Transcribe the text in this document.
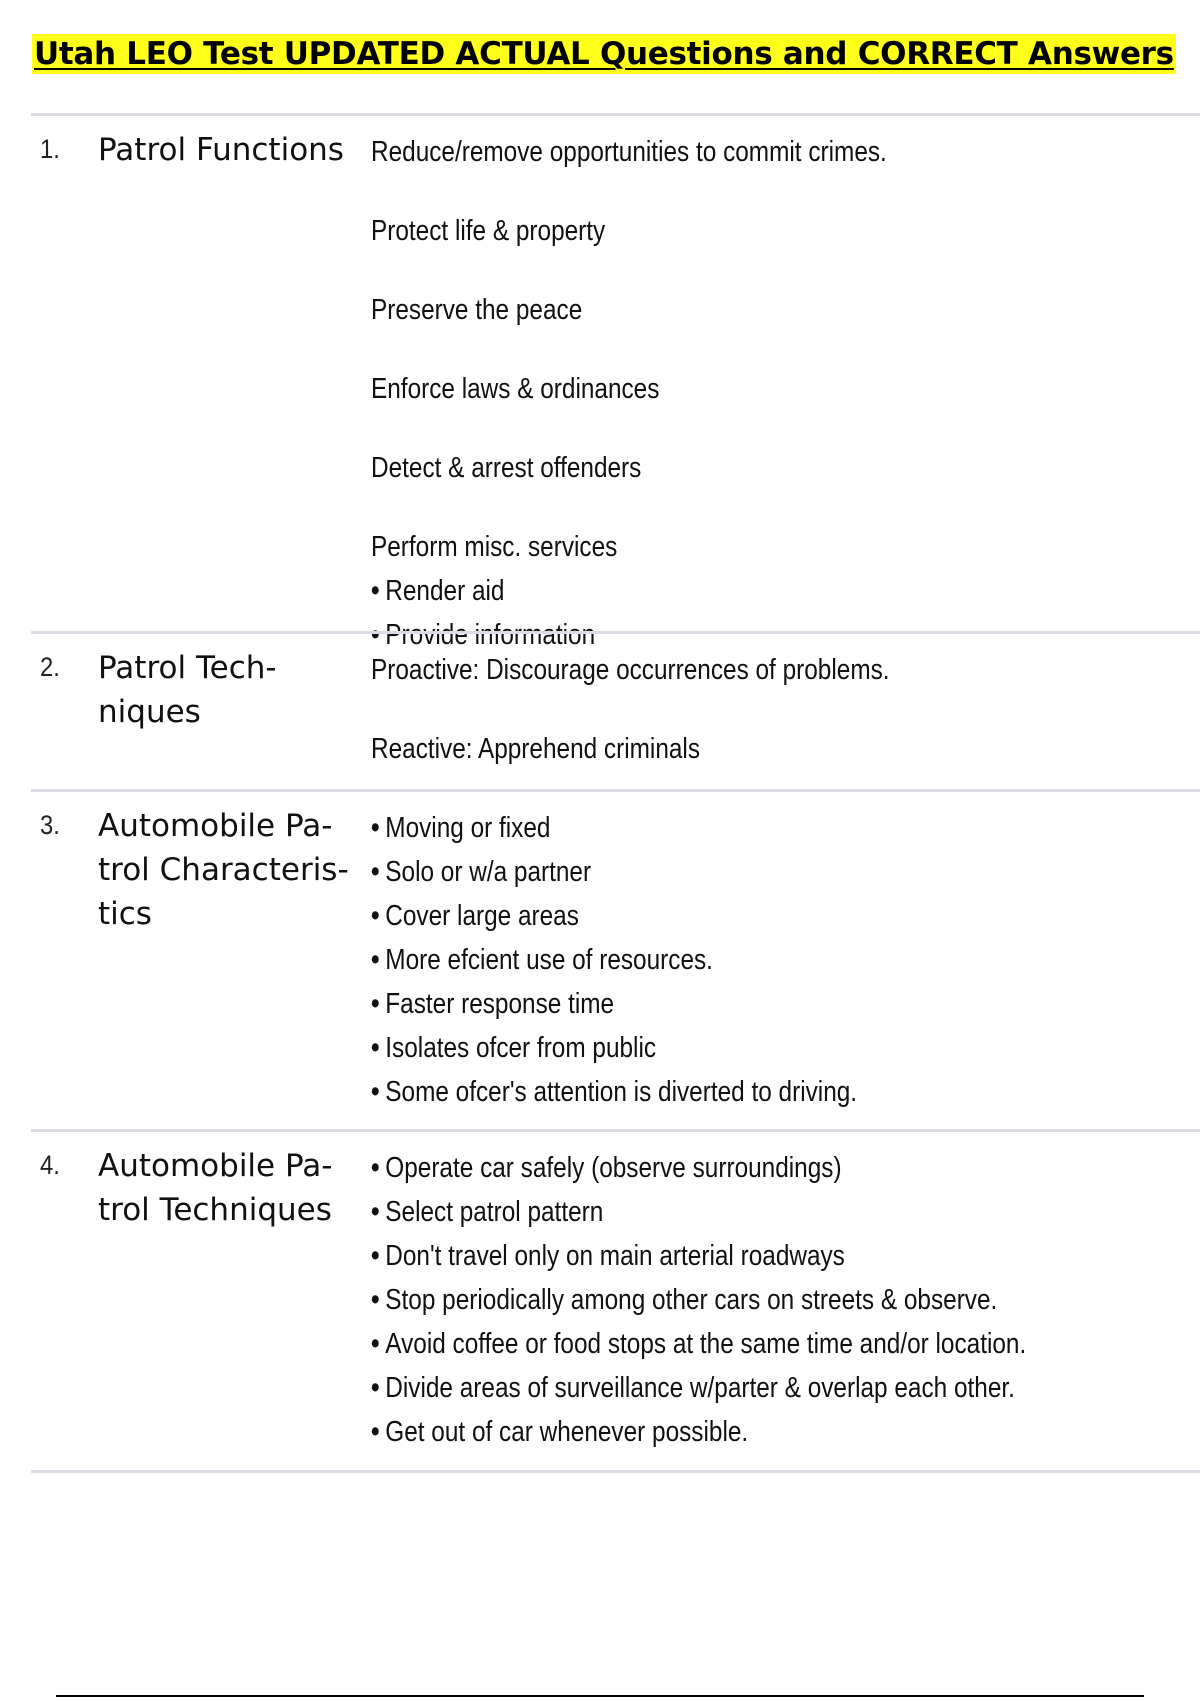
Utah LEO Test UPDATED ACTUAL Questions and CORRECT Answers
1. Patrol Functions Reduce/remove opportunities to commit crimes.
Protect life & property
Preserve the peace
Enforce laws & ordinances
Detect & arrest offenders
Perform misc. services
• Render aid
• Provide information
2. Patrol Tech-
niques
Proactive: Discourage occurrences of problems.
Reactive: Apprehend criminals
3. Automobile Pa-
trol Characteris-
tics
• Moving or fixed
• Solo or w/a partner
• Cover large areas
• More efcient use of resources.
• Faster response time
• Isolates ofcer from public
• Some ofcer's attention is diverted to driving.
4. Automobile Pa-
trol Techniques
• Operate car safely (observe surroundings)
• Select patrol pattern
• Don't travel only on main arterial roadways
• Stop periodically among other cars on streets & observe.
• Avoid coffee or food stops at the same time and/or location.
• Divide areas of surveillance w/parter & overlap each other.
• Get out of car whenever possible.
